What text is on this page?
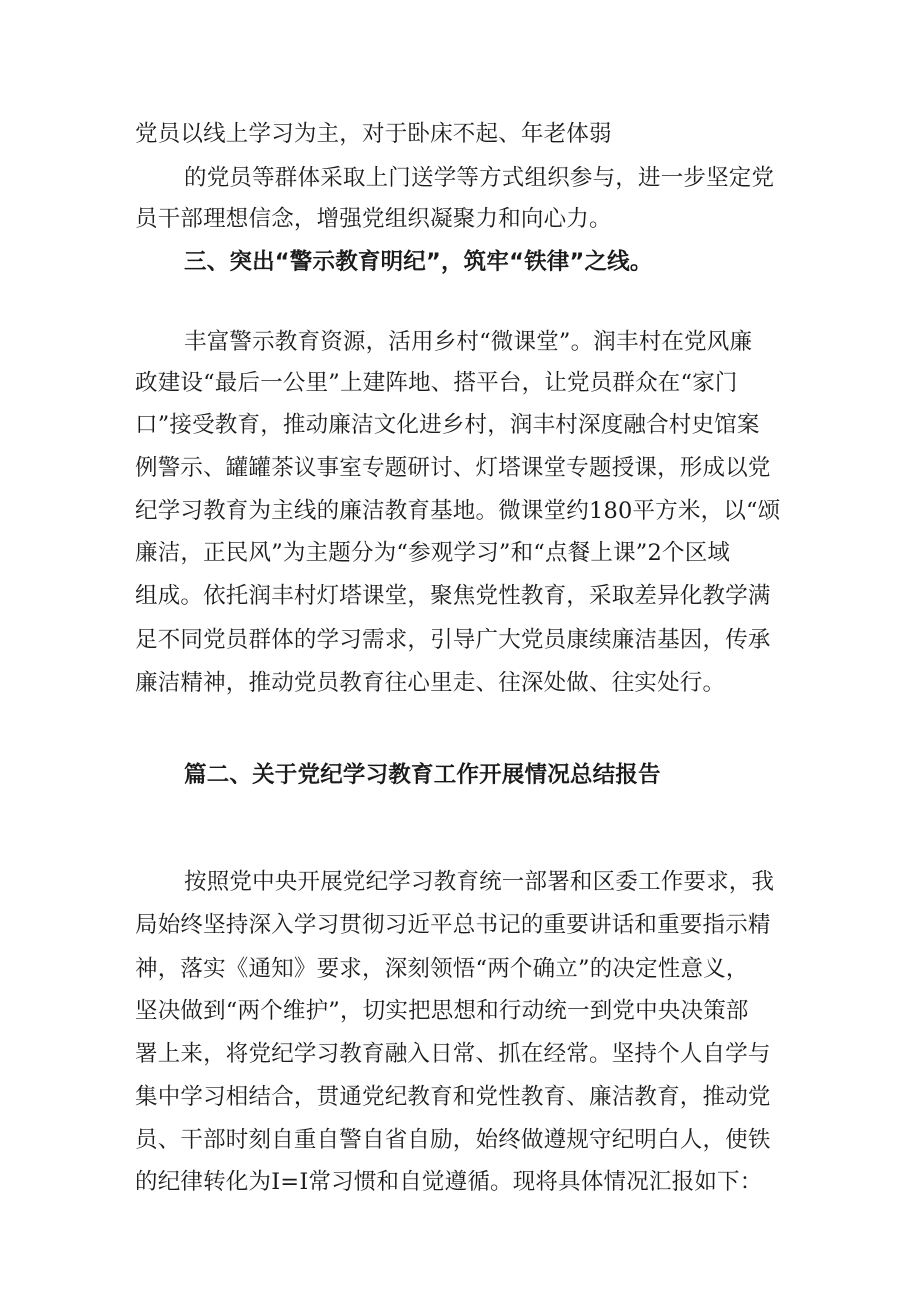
党员以线上学习为主，对于卧床不起、年老体弱
的党员等群体采取上门送学等方式组织参与，进一步坚定党
员干部理想信念，增强党组织凝聚力和向心力。
三、突出“警示教育明纪”，筑牢“铁律”之线。
丰富警示教育资源，活用乡村“微课堂”。润丰村在党风廉
政建设“最后一公里”上建阵地、搭平台，让党员群众在“家门
口”接受教育，推动廉洁文化进乡村，润丰村深度融合村史馆案
例警示、罐罐茶议事室专题研讨、灯塔课堂专题授课，形成以党
纪学习教育为主线的廉洁教育基地。微课堂约180平方米，以“颂
廉洁，正民风”为主题分为“参观学习”和“点餐上课”2个区域
组成。依托润丰村灯塔课堂，聚焦党性教育，采取差异化教学满
足不同党员群体的学习需求，引导广大党员康续廉洁基因，传承
廉洁精神，推动党员教育往心里走、往深处做、往实处行。
篇二、关于党纪学习教育工作开展情况总结报告
按照党中央开展党纪学习教育统一部署和区委工作要求，我
局始终坚持深入学习贯彻习近平总书记的重要讲话和重要指示精
神，落实《通知》要求，深刻领悟“两个确立”的决定性意义，
坚决做到“两个维护”，切实把思想和行动统一到党中央决策部
署上来，将党纪学习教育融入日常、抓在经常。坚持个人自学与
集中学习相结合，贯通党纪教育和党性教育、廉洁教育，推动党
员、干部时刻自重自警自省自励，始终做遵规守纪明白人，使铁
的纪律转化为I=I常习惯和自觉遵循。现将具体情况汇报如下：
